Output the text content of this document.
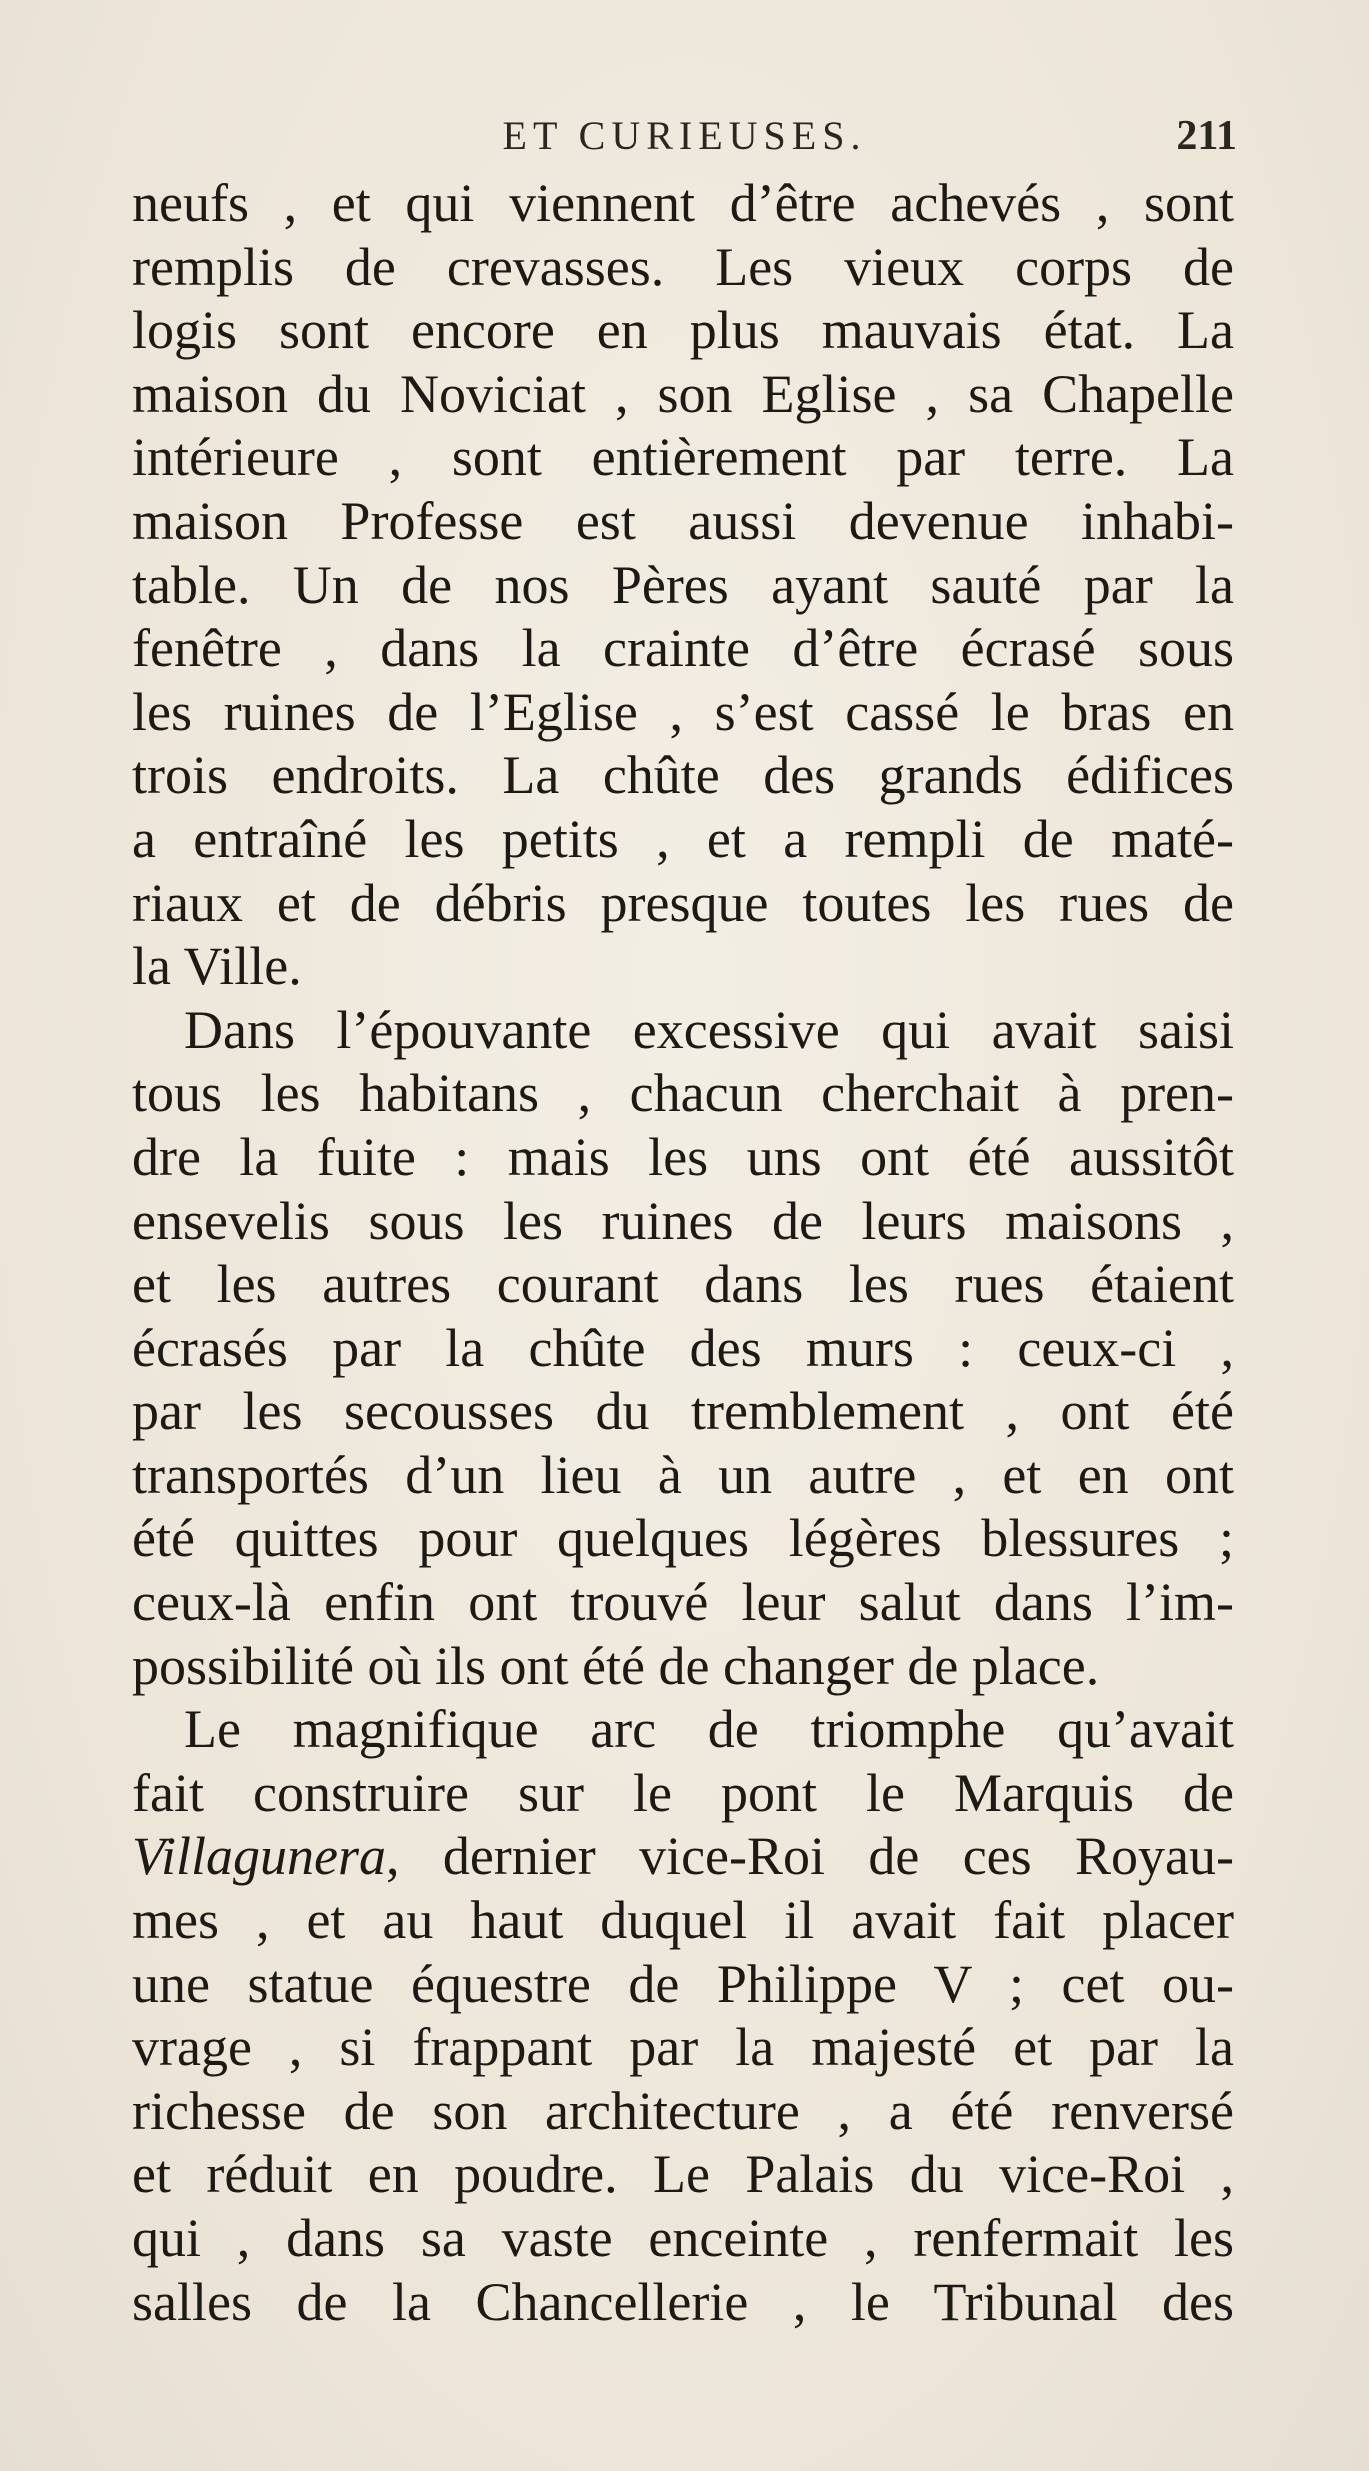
ET CURIEUSES.	211
neufs , et qui viennent d’être achevés , sont
remplis de crevasses. Les vieux corps de
logis sont encore en plus mauvais état. La
maison du Noviciat , son Eglise , sa Chapelle
intérieure , sont entièrement par terre. La
maison Professe est aussi devenue inhabi-
table. Un de nos Pères ayant sauté par la
fenêtre , dans la crainte d’être écrasé sous
les ruines de l’Eglise , s’est cassé le bras en
trois endroits. La chûte des grands édifices
a entraîné les petits , et a rempli de maté-
riaux et de débris presque toutes les rues de
la Ville.
Dans l’épouvante excessive qui avait saisi
tous les habitans , chacun cherchait à pren-
dre la fuite : mais les uns ont été aussitôt
ensevelis sous les ruines de leurs maisons ,
et les autres courant dans les rues étaient
écrasés par la chûte des murs : ceux-ci ,
par les secousses du tremblement , ont été
transportés d’un lieu à un autre , et en ont
été quittes pour quelques légères blessures ;
ceux-là enfin ont trouvé leur salut dans l’im-
possibilité où ils ont été de changer de place.
Le magnifique arc de triomphe qu’avait
fait construire sur le pont le Marquis de
Villagunera, dernier vice-Roi de ces Royau-
mes , et au haut duquel il avait fait placer
une statue équestre de Philippe V ; cet ou-
vrage , si frappant par la majesté et par la
richesse de son architecture , a été renversé
et réduit en poudre. Le Palais du vice-Roi ,
qui , dans sa vaste enceinte , renfermait les
salles de la Chancellerie , le Tribunal des
